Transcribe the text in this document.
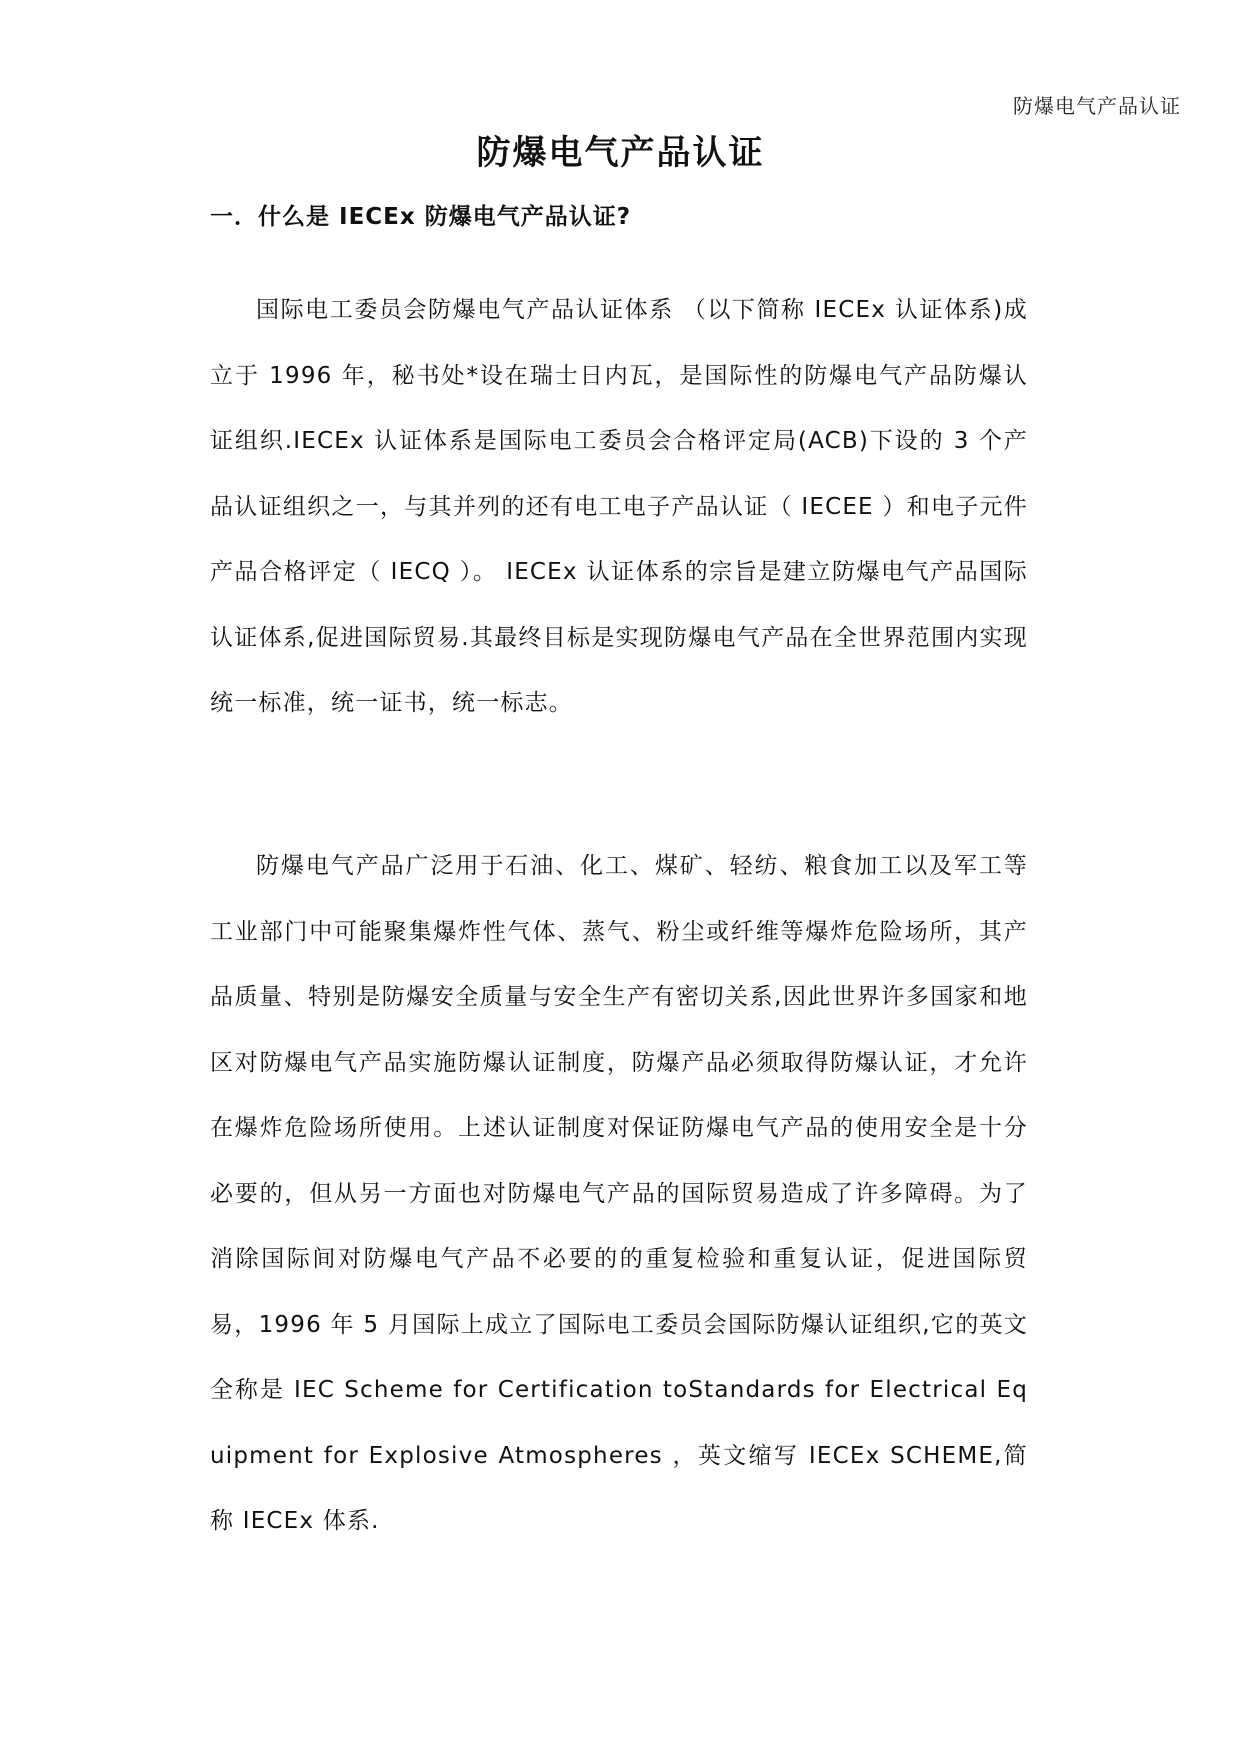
防爆电气产品认证
防爆电气产品认证
一．什么是 IECEx 防爆电气产品认证?

国际电工委员会防爆电气产品认证体系 （以下简称 IECEx 认证体系)成立于 1996 年，秘书处*设在瑞士日内瓦，是国际性的防爆电气产品防爆认证组织.IECEx 认证体系是国际电工委员会合格评定局(ACB)下设的 3 个产品认证组织之一，与其并列的还有电工电子产品认证（ IECEE ）和电子元件产品合格评定（ IECQ ）。 IECEx 认证体系的宗旨是建立防爆电气产品国际认证体系,促进国际贸易.其最终目标是实现防爆电气产品在全世界范围内实现统一标准，统一证书，统一标志。

防爆电气产品广泛用于石油、化工、煤矿、轻纺、粮食加工以及军工等工业部门中可能聚集爆炸性气体、蒸气、粉尘或纤维等爆炸危险场所，其产品质量、特别是防爆安全质量与安全生产有密切关系,因此世界许多国家和地区对防爆电气产品实施防爆认证制度，防爆产品必须取得防爆认证，才允许在爆炸危险场所使用。上述认证制度对保证防爆电气产品的使用安全是十分必要的，但从另一方面也对防爆电气产品的国际贸易造成了许多障碍。为了消除国际间对防爆电气产品不必要的的重复检验和重复认证，促进国际贸易，1996 年 5 月国际上成立了国际电工委员会国际防爆认证组织,它的英文全称是 IEC Scheme for Certification toStandards for Electrical Equipment for Explosive Atmospheres ，英文缩写 IECEx SCHEME,简称 IECEx 体系.
